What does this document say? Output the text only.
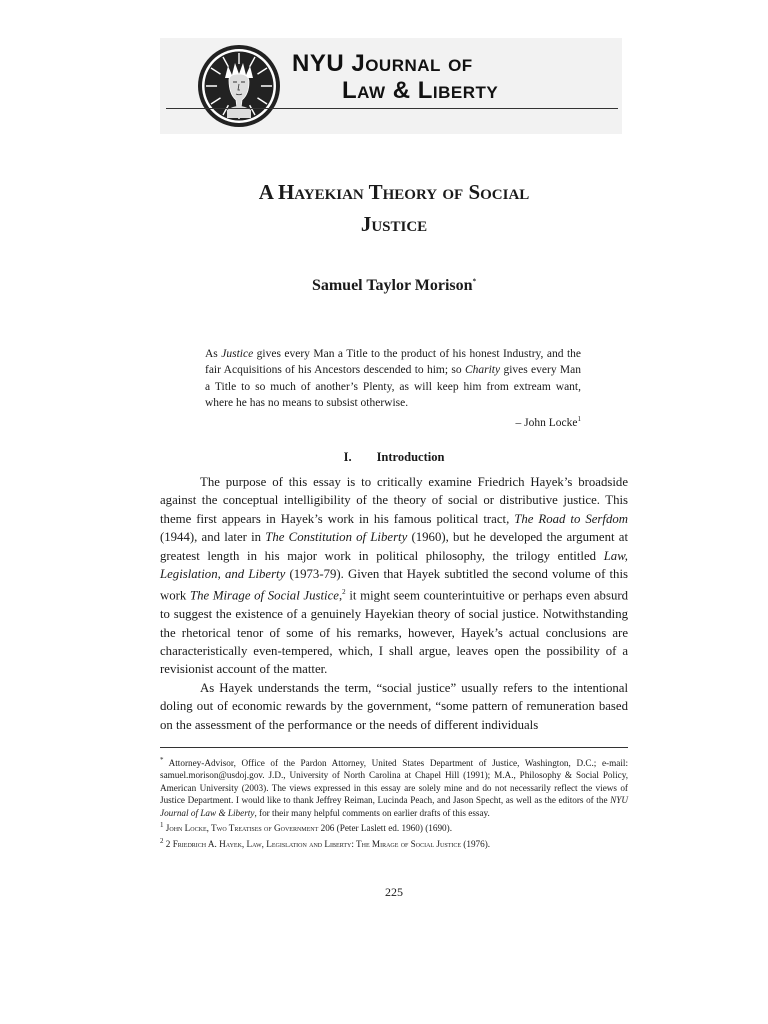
NYU Journal of
Law & Liberty
A Hayekian Theory of Social
Justice
Samuel Taylor Morison*
As Justice gives every Man a Title to the product of his honest Industry, and the fair Acquisitions of his Ancestors descended to him; so Charity gives every Man a Title to so much of another’s Plenty, as will keep him from extream want, where he has no means to subsist otherwise.
– John Locke$^1$
I.  Introduction

The purpose of this essay is to critically examine Friedrich Hayek’s broadside against the conceptual intelligibility of the theory of social or distributive justice. This theme first appears in Hayek’s work in his famous political tract, The Road to Serfdom (1944), and later in The Constitution of Liberty (1960), but he developed the argument at greatest length in his major work in political philosophy, the trilogy entitled Law, Legislation, and Liberty (1973-79). Given that Hayek subtitled the second volume of this work The Mirage of Social Justice,$^2$ it might seem counterintuitive or perhaps even absurd to suggest the existence of a genuinely Hayekian theory of social justice. Notwithstanding the rhetorical tenor of some of his remarks, however, Hayek’s actual conclusions are characteristically even-tempered, which, I shall argue, leaves open the possibility of a revisionist account of the matter.

As Hayek understands the term, “social justice” usually refers to the intentional doling out of economic rewards by the government, “some pattern of remuneration based on the assessment of the performance or the needs of different individuals

* Attorney-Advisor, Office of the Pardon Attorney, United States Department of Justice, Washington, D.C.; e-mail: samuel.morison@usdoj.gov. J.D., University of North Carolina at Chapel Hill (1991); M.A., Philosophy & Social Policy, American University (2003). The views expressed in this essay are solely mine and do not necessarily reflect the views of Justice Department. I would like to thank Jeffrey Reiman, Lucinda Peach, and Jason Specht, as well as the editors of the NYU Journal of Law & Liberty, for their many helpful comments on earlier drafts of this essay.

$^1$ John Locke, Two Treatises of Government 206 (Peter Laslett ed. 1960) (1690).

$^2$ 2 Friedrich A. Hayek, Law, Legislation and Liberty: The Mirage of Social Justice (1976).

225
